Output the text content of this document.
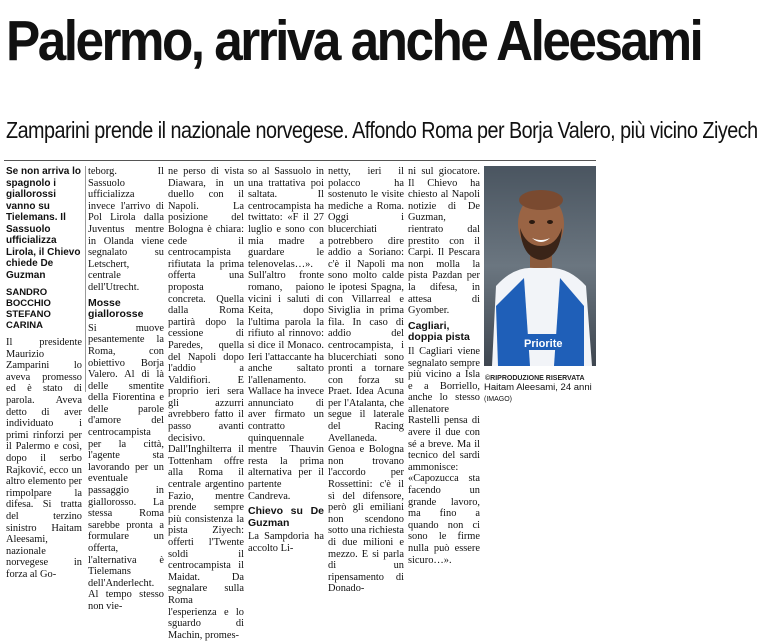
Palermo, arriva anche Aleesami
Zamparini prende il nazionale norvegese. Affondo Roma per Borja Valero, più vicino Ziyech

Se non arriva lo spagnolo i giallorossi vanno su Tielemans. Il Sassuolo ufficializza Lirola, il Chievo chiede De Guzman

SANDRO BOCCHIO
STEFANO CARINA

Il presidente Maurizio Zamparini lo aveva promesso ed è stato di parola. Aveva detto di aver individuato i primi rinforzi per il Palermo e così, dopo il serbo Rajković, ecco un altro elemento per rimpolpare la difesa. Si tratta del terzino sinistro Haitam Aleesami, nazionale norvegese in forza al Go-

teborg. Il Sassuolo ufficializza invece l'arrivo di Pol Lirola dalla Juventus mentre in Olanda viene segnalato su Letschert, centrale dell'Utrecht.

Mosse giallorosse

Si muove pesantemente la Roma, con obiettivo Borja Valero. Al di là delle smentite della Fiorentina e delle parole d'amore del centrocampista per la città, l'agente sta lavorando per un eventuale passaggio in giallorosso. La stessa Roma sarebbe pronta a formulare un offerta, l'alternativa è Tielemans dell'Anderlecht. Al tempo stesso non vie-

ne perso di vista Diawara, in un duello con il Napoli. La posizione del Bologna è chiara: cede il centrocampista rifiutata la prima offerta una proposta concreta. Quella dalla Roma partirà dopo la cessione di Paredes, quella del Napoli dopo l'addio a Valdifiori. E proprio ieri sera gli azzurri avrebbero fatto il passo avanti decisivo. Dall'Inghilterra il Tottenham offre alla Roma il centrale argentino Fazio, mentre prende sempre più consistenza la pista Ziyech: offerti l'Twente soldi il centrocampista il Maidat. Da segnalare sulla Roma l'esperienza e lo sguardo di Machin, promes-

so al Sassuolo in una trattativa poi saltata. Il centrocampista ha twittato: «F il 27 luglio e sono con mia madre a guardare le telenovelas…». Sull'altro fronte romano, paiono vicini i saluti di Keita, dopo l'ultima parola la rifiuto al rinnovo: si dice il Monaco. Ieri l'attaccante ha anche saltato l'allenamento. Wallace ha invece annunciato di aver firmato un contratto quinquennale mentre Thauvin resta la prima alternativa per il partente Candreva.

Chievo su De Guzman

La Sampdoria ha accolto Li-

netty, ieri il polacco ha sostenuto le visite mediche a Roma. Oggi i blucerchiati potrebbero dire addio a Soriano: c'è il Napoli ma sono molto calde le ipotesi Spagna, con Villarreal e Siviglia in prima fila. In caso di addio del centrocampista, i blucerchiati sono pronti a tornare con forza su Praet. Idea Acuna per l'Atalanta, che segue il laterale del Racing Avellaneda. Genoa e Bologna non trovano l'accordo per Rossettini: c'è il sì del difensore, però gli emiliani non scendono sotto una richiesta di due milioni e mezzo. E si parla di un ripensamento di Donado-

ni sul giocatore. Il Chievo ha chiesto al Napoli notizie di De Guzman, rientrato dal prestito con il Carpi. Il Pescara non molla la pista Pazdan per la difesa, in attesa di Gyomber.

Cagliari, doppia pista

Il Cagliari viene segnalato sempre più vicino a Isla e a Borriello, anche lo stesso allenatore Rastelli pensa di avere il due con sé a breve. Ma il tecnico del sardi ammonisce: «Capozucca sta facendo un grande lavoro, ma fino a quando non ci sono le firme nulla può essere sicuro…».

Priorite
©RIPRODUZIONE RISERVATA
Haitam Aleesami, 24 anni (IMAGO)
